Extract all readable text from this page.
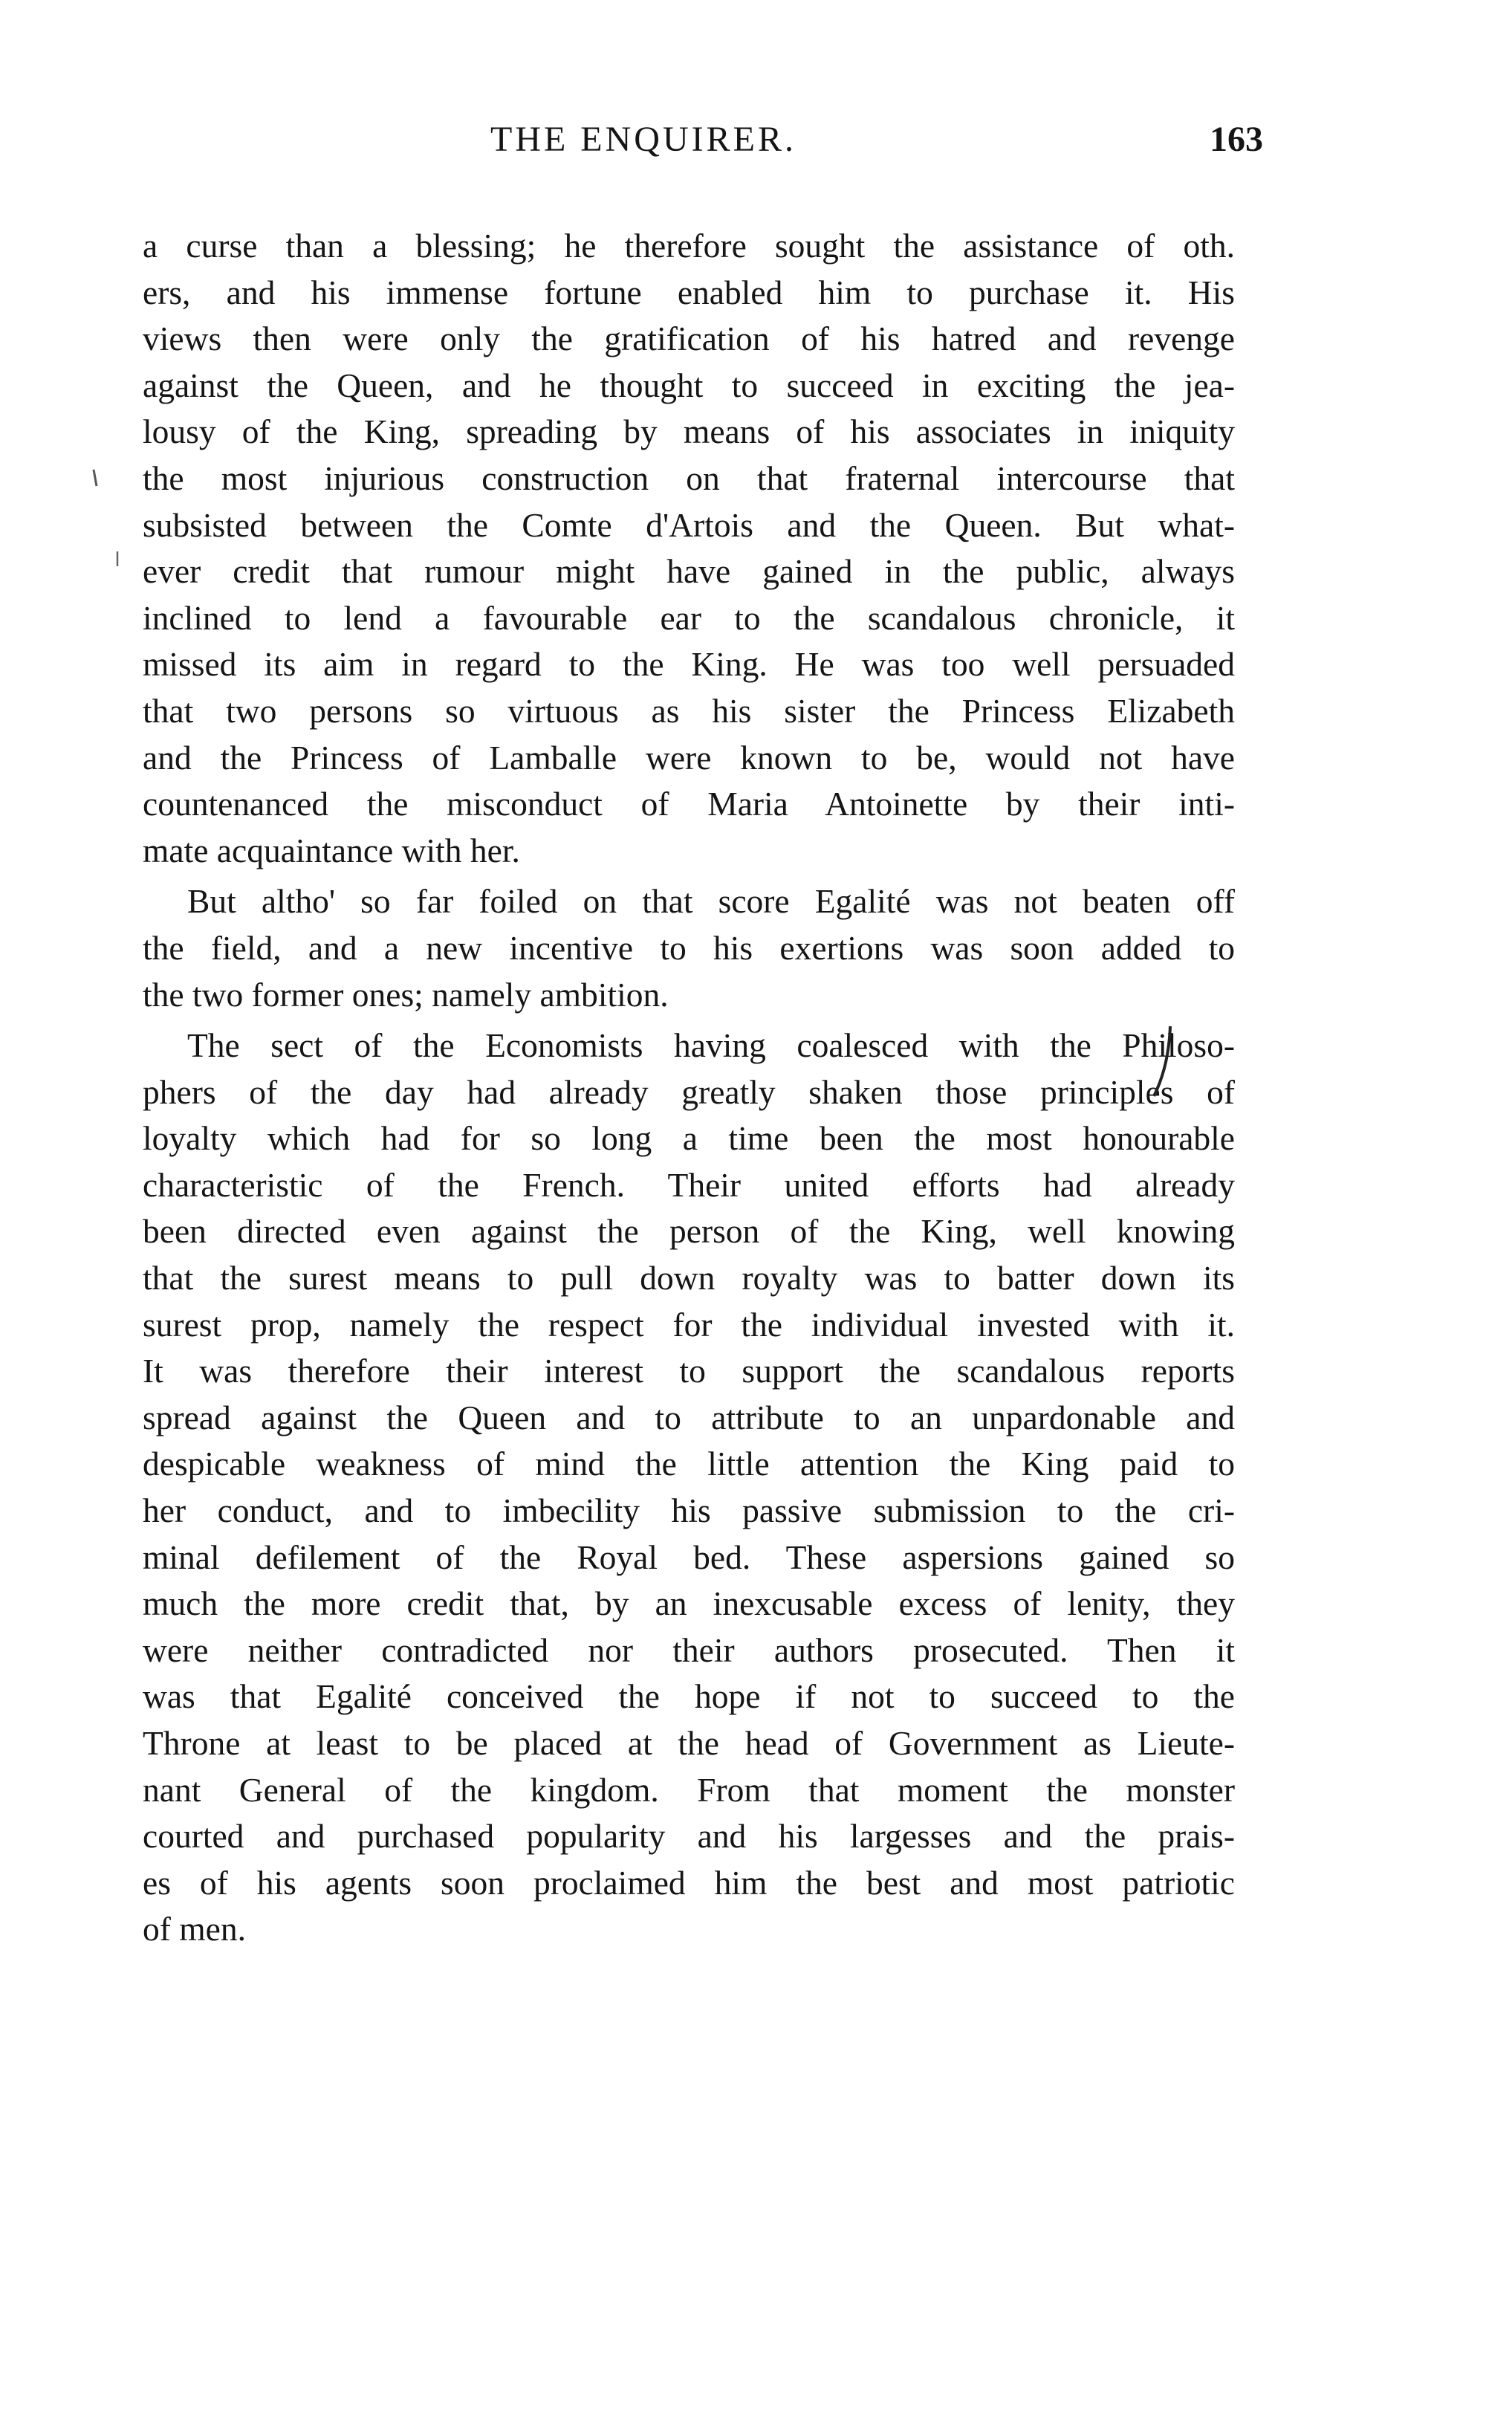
THE ENQUIRER.	163
a curse than a blessing; he therefore sought the assistance of oth.
ers, and his immense fortune enabled him to purchase it. His
views then were only the gratification of his hatred and revenge
against the Queen, and he thought to succeed in exciting the jea-
lousy of the King, spreading by means of his associates in iniquity
the most injurious construction on that fraternal intercourse that
subsisted between the Comte d'Artois and the Queen. But what-
ever credit that rumour might have gained in the public, always
inclined to lend a favourable ear to the scandalous chronicle, it
missed its aim in regard to the King. He was too well persuaded
that two persons so virtuous as his sister the Princess Elizabeth
and the Princess of Lamballe were known to be, would not have
countenanced the misconduct of Maria Antoinette by their inti-
mate acquaintance with her.
But altho' so far foiled on that score Egalité was not beaten off
the field, and a new incentive to his exertions was soon added to
the two former ones; namely ambition.
The sect of the Economists having coalesced with the Philoso-
phers of the day had already greatly shaken those principles of
loyalty which had for so long a time been the most honourable
characteristic of the French. Their united efforts had already
been directed even against the person of the King, well knowing
that the surest means to pull down royalty was to batter down its
surest prop, namely the respect for the individual invested with it.
It was therefore their interest to support the scandalous reports
spread against the Queen and to attribute to an unpardonable and
despicable weakness of mind the little attention the King paid to
her conduct, and to imbecility his passive submission to the cri-
minal defilement of the Royal bed. These aspersions gained so
much the more credit that, by an inexcusable excess of lenity, they
were neither contradicted nor their authors prosecuted. Then it
was that Egalité conceived the hope if not to succeed to the
Throne at least to be placed at the head of Government as Lieute-
nant General of the kingdom. From that moment the monster
courted and purchased popularity and his largesses and the prais-
es of his agents soon proclaimed him the best and most patriotic
of men.
